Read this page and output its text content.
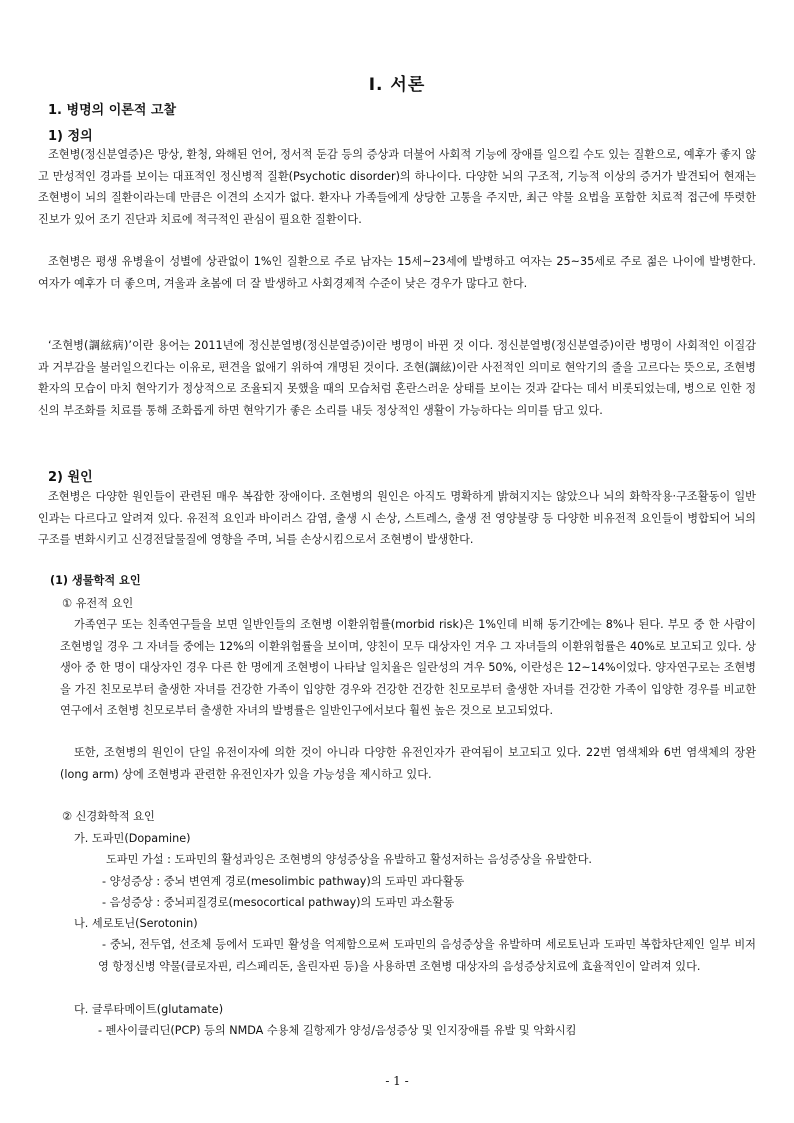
Ⅰ. 서론
1. 병명의 이론적 고찰
1) 정의
조현병(정신분열증)은 망상, 환청, 와해된 언어, 정서적 둔감 등의 증상과 더불어 사회적 기능에 장애를 일으킬 수도 있는 질환으로, 예후가 좋지 않고 만성적인 경과를 보이는 대표적인 정신병적 질환(Psychotic disorder)의 하나이다. 다양한 뇌의 구조적, 기능적 이상의 증거가 발견되어 현재는 조현병이 뇌의 질환이라는데 만큼은 이견의 소지가 없다. 환자나 가족들에게 상당한 고통을 주지만, 최근 약물 요법을 포함한 치료적 접근에 뚜렷한 진보가 있어 조기 진단과 치료에 적극적인 관심이 필요한 질환이다.
조현병은 평생 유병율이 성별에 상관없이 1%인 질환으로 주로 남자는 15세~23세에 발병하고 여자는 25~35세로 주로 젊은 나이에 발병한다. 여자가 예후가 더 좋으며, 겨울과 초봄에 더 잘 발생하고 사회경제적 수준이 낮은 경우가 많다고 한다.
‘조현병(調絃病)’이란 용어는 2011년에 정신분열병(정신분열증)이란 병명이 바뀐 것 이다. 정신분열병(정신분열증)이란 병명이 사회적인 이질감과 거부감을 불러일으킨다는 이유로, 편견을 없애기 위하여 개명된 것이다. 조현(調絃)이란 사전적인 의미로 현악기의 줄을 고르다는 뜻으로, 조현병 환자의 모습이 마치 현악기가 정상적으로 조율되지 못했을 때의 모습처럼 혼란스러운 상태를 보이는 것과 같다는 데서 비롯되었는데, 병으로 인한 정신의 부조화를 치료를 통해 조화롭게 하면 현악기가 좋은 소리를 내듯 정상적인 생활이 가능하다는 의미를 담고 있다.
2) 원인
조현병은 다양한 원인들이 관련된 매우 복잡한 장애이다. 조현병의 원인은 아직도 명확하게 밝혀지지는 않았으나 뇌의 화학작용·구조활동이 일반인과는 다르다고 알려져 있다. 유전적 요인과 바이러스 감염, 출생 시 손상, 스트레스, 출생 전 영양불량 등 다양한 비유전적 요인들이 병합되어 뇌의 구조를 변화시키고 신경전달물질에 영향을 주며, 뇌를 손상시킴으로서 조현병이 발생한다.
(1) 생물학적 요인
① 유전적 요인
가족연구 또는 친족연구들을 보면 일반인들의 조현병 이환위험률(morbid risk)은 1%인데 비해 동기간에는 8%나 된다. 부모 중 한 사람이 조현병일 경우 그 자녀들 중에는 12%의 이환위험률을 보이며, 양친이 모두 대상자인 겨우 그 자녀들의 이환위험률은 40%로 보고되고 있다. 상 생아 중 한 명이 대상자인 경우 다른 한 명에게 조현병이 나타날 일치율은 일란성의 겨우 50%, 이란성은 12~14%이었다. 양자연구로는 조현병을 가진 친모로부터 출생한 자녀를 건강한 가족이 입양한 경우와 건강한 건강한 친모로부터 출생한 자녀를 건강한 가족이 입양한 경우를 비교한 연구에서 조현병 친모로부터 출생한 자녀의 발병률은 일반인구에서보다 훨씬 높은 것으로 보고되었다.
또한, 조현병의 원인이 단일 유전이자에 의한 것이 아니라 다양한 유전인자가 관여됨이 보고되고 있다. 22번 염색체와 6번 염색체의 장완(long arm) 상에 조현병과 관련한 유전인자가 있을 가능성을 제시하고 있다.
② 신경화학적 요인
가. 도파민(Dopamine)
도파민 가설 : 도파민의 활성과잉은 조현병의 양성증상을 유발하고 활성저하는 음성증상을 유발한다.
- 양성증상 : 중뇌 변연계 경로(mesolimbic pathway)의 도파민 과다활동
- 음성증상 : 중뇌피질경로(mesocortical pathway)의 도파민 과소활동
나. 세로토닌(Serotonin)
- 중뇌, 전두엽, 선조체 등에서 도파민 활성을 억제함으로써 도파민의 음성증상을 유발하며 세로토닌과 도파민 복합차단제인 일부 비저영 항정신병 약물(클로자핀, 리스페리돈, 올린자핀 등)을 사용하면 조현병 대상자의 음성증상치료에 효율적인이 알려져 있다.
다. 글루타메이트(glutamate)
- 펜사이클리딘(PCP) 등의 NMDA 수용체 길항제가 양성/음성증상 및 인지장애를 유발 및 악화시킴
- 1 -
